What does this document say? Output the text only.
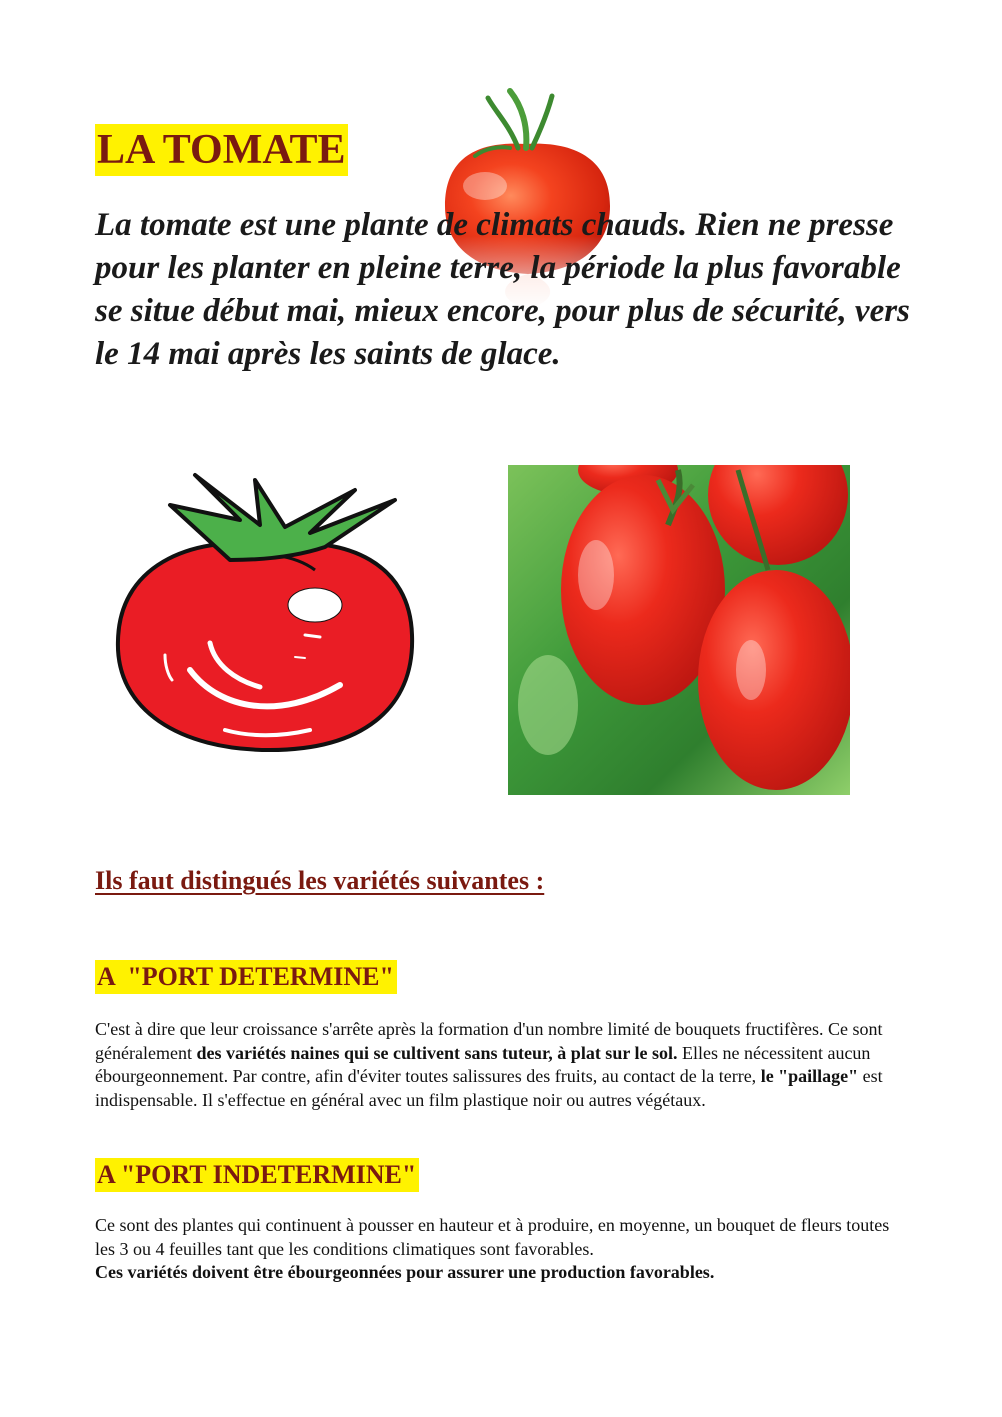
LA TOMATE

La tomate est une plante de climats chauds. Rien ne presse pour les planter en pleine terre, la période la plus favorable se situe début mai, mieux encore, pour plus de sécurité, vers le 14 mai après les saints de glace.

Ils faut distingués les variétés suivantes :
A  "PORT DETERMINE"

C'est à dire que leur croissance s'arrête après la formation d'un nombre limité de bouquets fructifères. Ce sont généralement des variétés naines qui se cultivent sans tuteur, à plat sur le sol. Elles ne nécessitent aucun ébourgeonnement. Par contre, afin d'éviter toutes salissures des fruits, au contact de la terre, le "paillage" est indispensable. Il s'effectue en général avec un film plastique noir ou autres végétaux.

A "PORT INDETERMINE"

Ce sont des plantes qui continuent à pousser en hauteur et à produire, en moyenne, un bouquet de fleurs toutes les 3 ou 4 feuilles tant que les conditions climatiques sont favorables.
Ces variétés doivent être ébourgeonnées pour assurer une production favorables.
